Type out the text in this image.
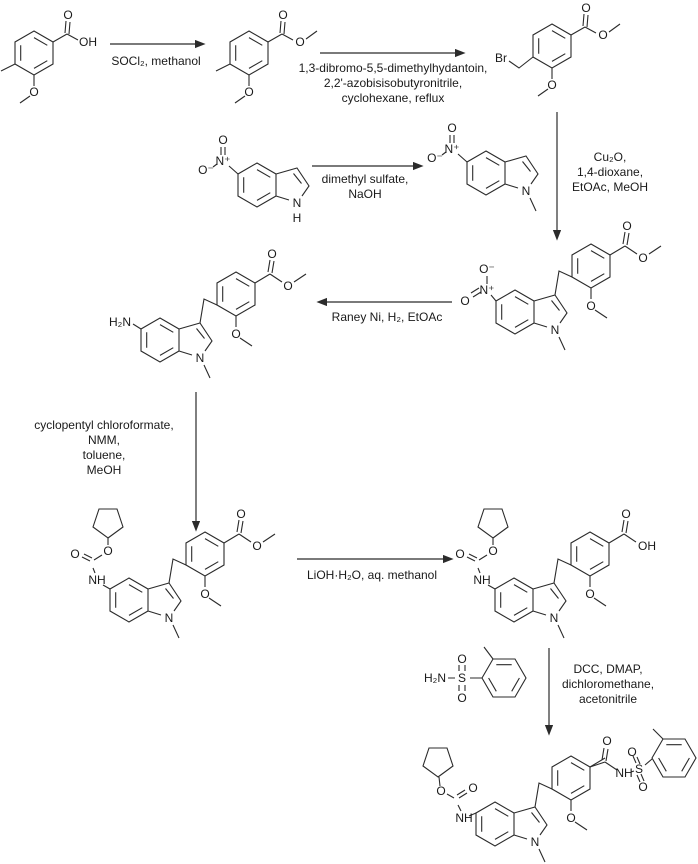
O
OH
O
O
O
O
O
O
O
Br
N
H
N⁺
O
O⁻
N
N⁺
O
O⁻
N
O
O
O
N⁺
O⁻
O
N
O
O
O
H₂N
N
O
O
O
NH
O O
N
O
O
OH
NH
O O
H₂N S
O
O
N
O
O
NH S
O
O
NH
O
O
SOCl₂, methanol	1,3-dibromo-5,5-dimethylhydantoin,
2,2'-azobisisobutyronitrile,
cyclohexane, reflux
Cu₂O,
1,4-dioxane,
EtOAc, MeOH
dimethyl sulfate,
NaOH
Raney Ni, H₂, EtOAc
cyclopentyl chloroformate,
NMM,
toluene,
MeOH
LiOH·H₂O, aq. methanol
DCC, DMAP,
dichloromethane,
acetonitrile
